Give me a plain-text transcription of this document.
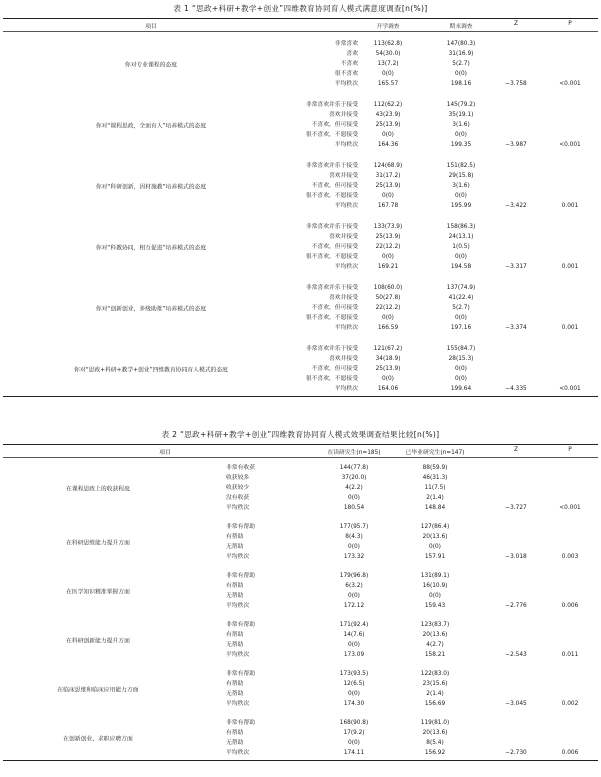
表 1 “思政+科研+教学+创业”四维教育协同育人模式满意度调查[n(%)]
项目	开学调查	期末调查	Z	P
你对专业课程的态度
非常喜欢	113(62.8)	147(80.3)
喜欢	54(30.0)	31(16.9)
不喜欢	13(7.2)	5(2.7)
很不喜欢	0(0)	0(0)
平均秩次	165.57	198.16	−3.758	<0.001
你对“课程思政，全面育人”培养模式的态度
非常喜欢并乐于接受	112(62.2)	145(79.2)
喜欢并接受	43(23.9)	35(19.1)
不喜欢，但可接受	25(13.9)	3(1.6)
很不喜欢，不愿接受	0(0)	0(0)
平均秩次	164.36	199.35	−3.987	<0.001
你对“科研创新，因材施教”培养模式的态度
非常喜欢并乐于接受	124(68.9)	151(82.5)
喜欢并接受	31(17.2)	29(15.8)
不喜欢，但可接受	25(13.9)	3(1.6)
很不喜欢，不愿接受	0(0)	0(0)
平均秩次	167.78	195.99	−3.422	0.001
你对“科教协同，相互促进”培养模式的态度
非常喜欢并乐于接受	133(73.9)	158(86.3)
喜欢并接受	25(13.9)	24(13.1)
不喜欢，但可接受	22(12.2)	1(0.5)
很不喜欢，不愿接受	0(0)	0(0)
平均秩次	169.21	194.58	−3.317	0.001
你对“创新创业，多级助推”培养模式的态度
非常喜欢并乐于接受	108(60.0)	137(74.9)
喜欢并接受	50(27.8)	41(22.4)
不喜欢，但可接受	22(12.2)	5(2.7)
很不喜欢，不愿接受	0(0)	0(0)
平均秩次	166.59	197.16	−3.374	0.001
你对“思政+科研+教学+创业”四维教育协同育人模式的态度
非常喜欢并乐于接受	121(67.2)	155(84.7)
喜欢并接受	34(18.9)	28(15.3)
不喜欢，但可接受	25(13.9)	0(0)
很不喜欢，不愿接受	0(0)	0(0)
平均秩次	164.06	199.64	−4.335	<0.001
表 2 “思政+科研+教学+创业”四维教育协同育人模式效果调查结果比较[n(%)]
项目	在读研究生(n=185)	已毕业研究生(n=147)	Z	P
在课程思政上的收获程度
非常有收获	144(77.8)	88(59.9)
收获较多	37(20.0)	46(31.3)
收获较少	4(2.2)	11(7.5)
没有收获	0(0)	2(1.4)
平均秩次	180.54	148.84	−3.727	<0.001
在科研思维能力提升方面
非常有帮助	177(95.7)	127(86.4)
有帮助	8(4.3)	20(13.6)
无帮助	0(0)	0(0)
平均秩次	173.32	157.91	−3.018	0.003
在医学知识精准掌握方面
非常有帮助	179(96.8)	131(89.1)
有帮助	6(3.2)	16(10.9)
无帮助	0(0)	0(0)
平均秩次	172.12	159.43	−2.776	0.006
在科研创新能力提升方面
非常有帮助	171(92.4)	123(83.7)
有帮助	14(7.6)	20(13.6)
无帮助	0(0)	4(2.7)
平均秩次	173.09	158.21	−2.543	0.011
在临床思维和临床应用能力方面
非常有帮助	173(93.5)	122(83.0)
有帮助	12(6.5)	23(15.6)
无帮助	0(0)	2(1.4)
平均秩次	174.30	156.69	−3.045	0.002
在创新创业、求职应聘方面
非常有帮助	168(90.8)	119(81.0)
有帮助	17(9.2)	20(13.6)
无帮助	0(0)	8(5.4)
平均秩次	174.11	156.92	−2.730	0.006
